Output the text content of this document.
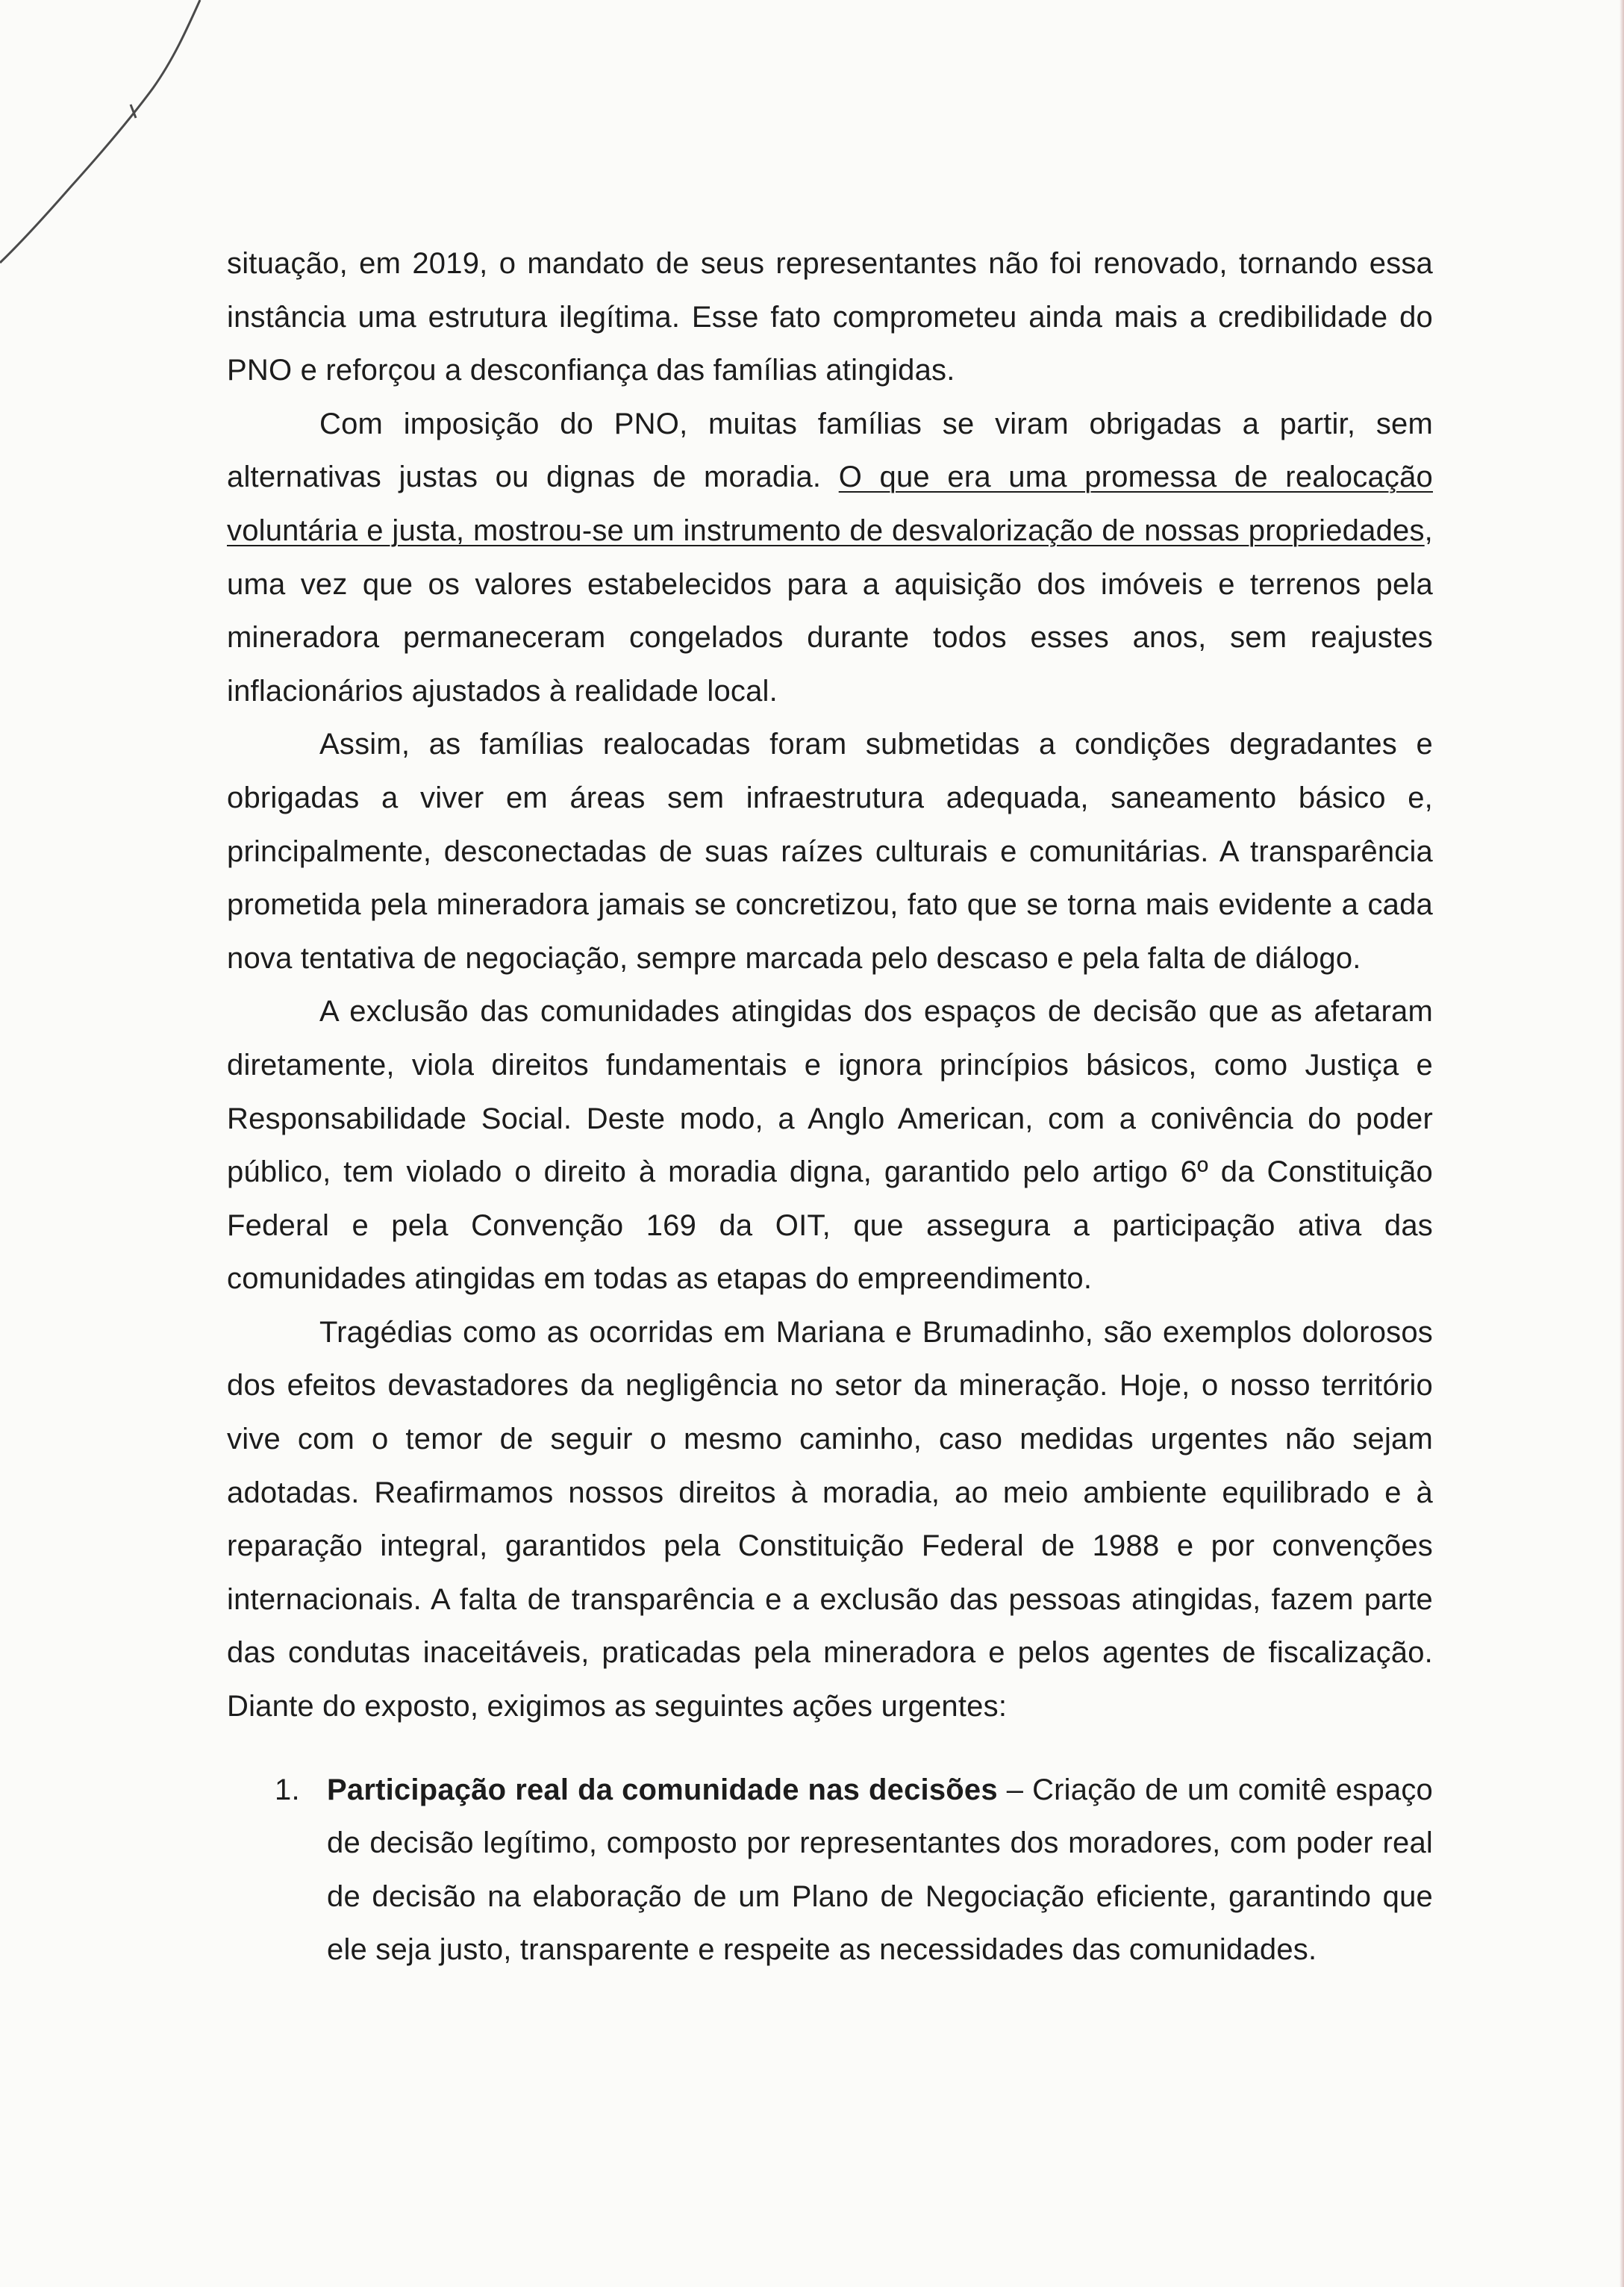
situação, em 2019, o mandato de seus representantes não foi renovado, tornando essa instância uma estrutura ilegítima. Esse fato comprometeu ainda mais a credibilidade do PNO e reforçou a desconfiança das famílias atingidas.

Com imposição do PNO, muitas famílias se viram obrigadas a partir, sem alternativas justas ou dignas de moradia. O que era uma promessa de realocação voluntária e justa, mostrou-se um instrumento de desvalorização de nossas propriedades, uma vez que os valores estabelecidos para a aquisição dos imóveis e terrenos pela mineradora permaneceram congelados durante todos esses anos, sem reajustes inflacionários ajustados à realidade local.

Assim, as famílias realocadas foram submetidas a condições degradantes e obrigadas a viver em áreas sem infraestrutura adequada, saneamento básico e, principalmente, desconectadas de suas raízes culturais e comunitárias. A transparência prometida pela mineradora jamais se concretizou, fato que se torna mais evidente a cada nova tentativa de negociação, sempre marcada pelo descaso e pela falta de diálogo.

A exclusão das comunidades atingidas dos espaços de decisão que as afetaram diretamente, viola direitos fundamentais e ignora princípios básicos, como Justiça e Responsabilidade Social. Deste modo, a Anglo American, com a conivência do poder público, tem violado o direito à moradia digna, garantido pelo artigo 6º da Constituição Federal e pela Convenção 169 da OIT, que assegura a participação ativa das comunidades atingidas em todas as etapas do empreendimento.

Tragédias como as ocorridas em Mariana e Brumadinho, são exemplos dolorosos dos efeitos devastadores da negligência no setor da mineração. Hoje, o nosso território vive com o temor de seguir o mesmo caminho, caso medidas urgentes não sejam adotadas. Reafirmamos nossos direitos à moradia, ao meio ambiente equilibrado e à reparação integral, garantidos pela Constituição Federal de 1988 e por convenções internacionais. A falta de transparência e a exclusão das pessoas atingidas, fazem parte das condutas inaceitáveis, praticadas pela mineradora e pelos agentes de fiscalização. Diante do exposto, exigimos as seguintes ações urgentes:

1. Participação real da comunidade nas decisões – Criação de um comitê espaço de decisão legítimo, composto por representantes dos moradores, com poder real de decisão na elaboração de um Plano de Negociação eficiente, garantindo que ele seja justo, transparente e respeite as necessidades das comunidades.
